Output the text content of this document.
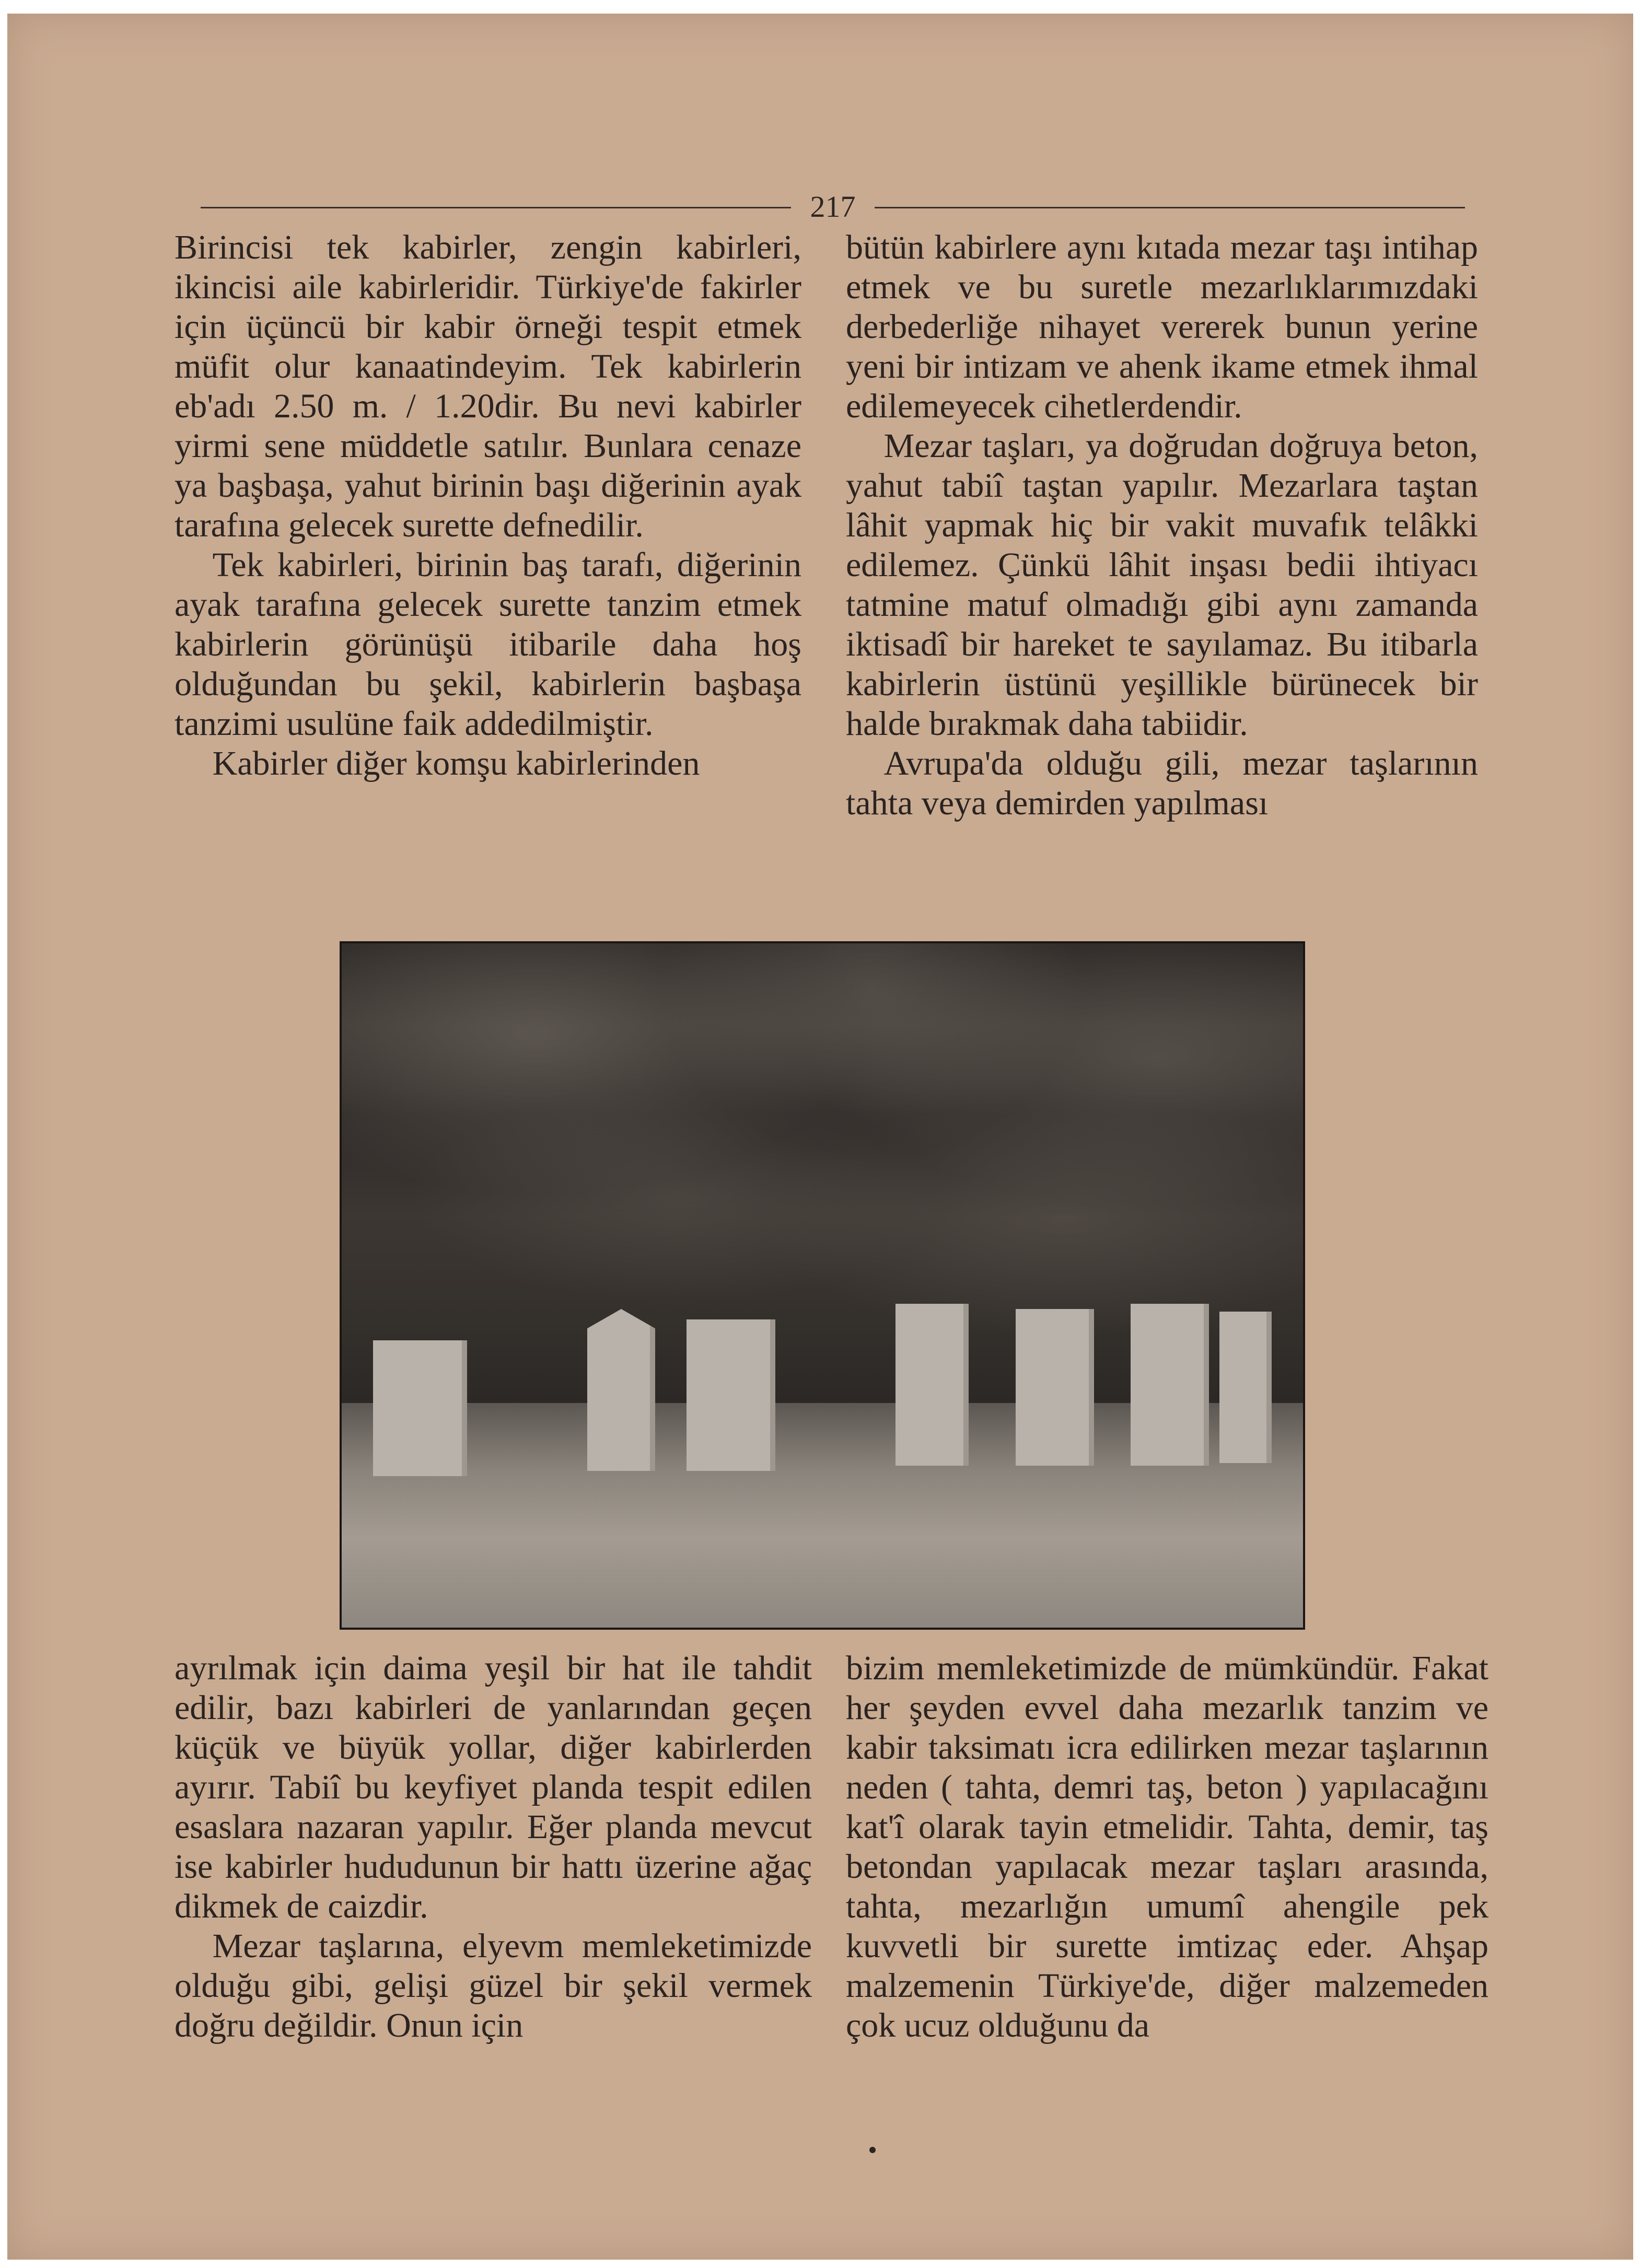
217

Birincisi tek kabirler, zengin kabirleri, ikincisi aile kabirleridir. Türkiye'de fakirler için üçüncü bir kabir örneği tespit etmek müfit olur kanaatindeyim. Tek kabirlerin eb'adı 2.50 m. / 1.20dir. Bu nevi kabirler yirmi sene müddetle satılır. Bunlara cenaze ya başbaşa, yahut birinin başı diğerinin ayak tarafına gelecek surette defnedilir.

Tek kabirleri, birinin baş tarafı, diğerinin ayak tarafına gelecek surette tanzim etmek kabirlerin görünüşü itibarile daha hoş olduğundan bu şekil, kabirlerin başbaşa tanzimi usulüne faik addedilmiştir.

Kabirler diğer komşu kabirlerinden

bütün kabirlere aynı kıtada mezar taşı intihap etmek ve bu suretle mezarlıklarımızdaki derbederliğe nihayet vererek bunun yerine yeni bir intizam ve ahenk ikame etmek ihmal edilemeyecek cihetlerdendir.

Mezar taşları, ya doğrudan doğruya beton, yahut tabiî taştan yapılır. Mezarlara taştan lâhit yapmak hiç bir vakit muvafık telâkki edilemez. Çünkü lâhit inşası bedii ihtiyacı tatmine matuf olmadığı gibi aynı zamanda iktisadî bir hareket te sayılamaz. Bu itibarla kabirlerin üstünü yeşillikle bürünecek bir halde bırakmak daha tabiidir.

Avrupa'da olduğu gili, mezar taşlarının tahta veya demirden yapılması

ayrılmak için daima yeşil bir hat ile tahdit edilir, bazı kabirleri de yanlarından geçen küçük ve büyük yollar, diğer kabirlerden ayırır. Tabiî bu keyfiyet planda tespit edilen esaslara nazaran yapılır. Eğer planda mevcut ise kabirler hududunun bir hattı üzerine ağaç dikmek de caizdir.

Mezar taşlarına, elyevm memleketimizde olduğu gibi, gelişi güzel bir şekil vermek doğru değildir. Onun için

bizim memleketimizde de mümkündür. Fakat her şeyden evvel daha mezarlık tanzim ve kabir taksimatı icra edilirken mezar taşlarının neden ( tahta, demri taş, beton ) yapılacağını kat'î olarak tayin etmelidir. Tahta, demir, taş betondan yapılacak mezar taşları arasında, tahta, mezarlığın umumî ahengile pek kuvvetli bir surette imtizaç eder. Ahşap malzemenin Türkiye'de, diğer malzemeden çok ucuz olduğunu da
